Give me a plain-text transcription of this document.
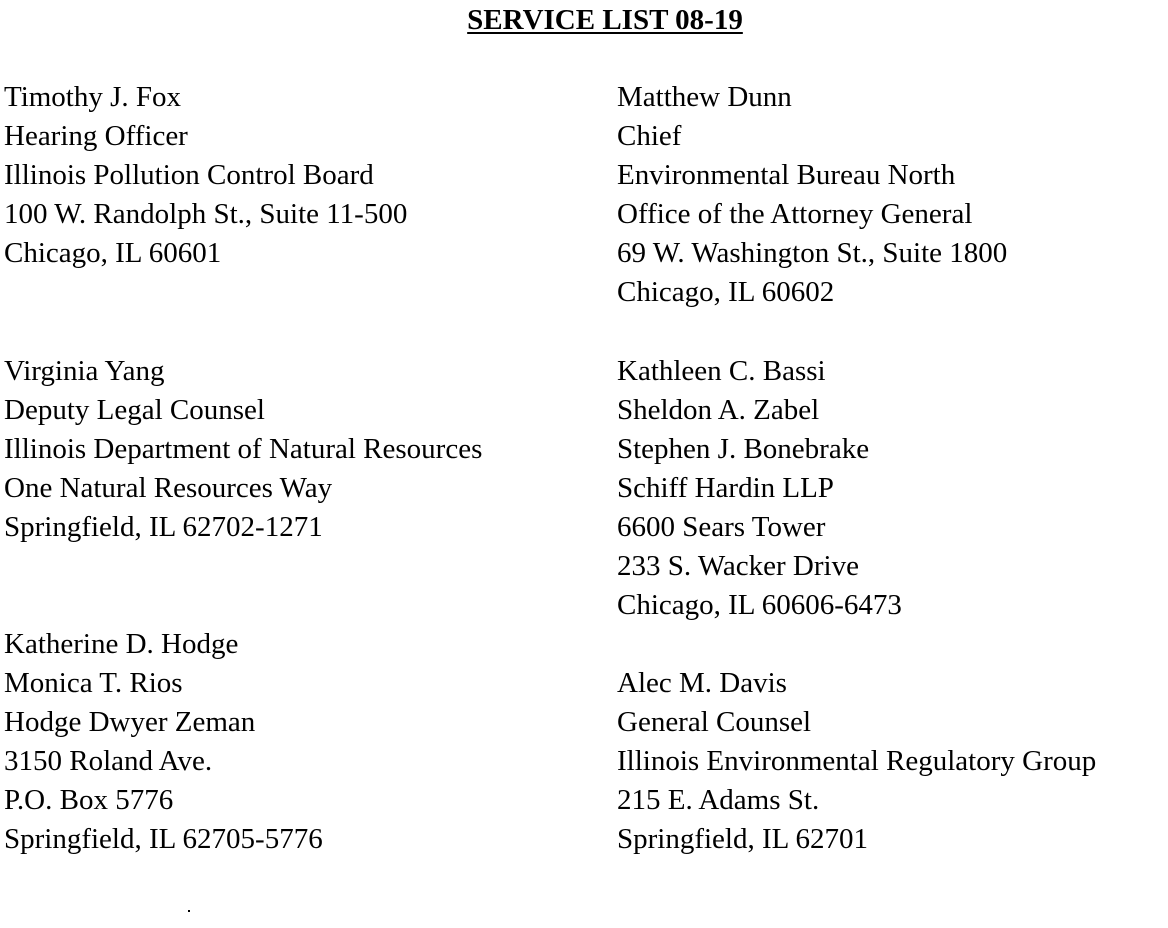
SERVICE LIST 08-19
Timothy J. Fox
Hearing Officer
Illinois Pollution Control Board
100 W. Randolph St., Suite 11-500
Chicago, IL 60601
Virginia Yang
Deputy Legal Counsel
Illinois Department of Natural Resources
One Natural Resources Way
Springfield, IL 62702-1271
Katherine D. Hodge
Monica T. Rios
Hodge Dwyer Zeman
3150 Roland Ave.
P.O. Box 5776
Springfield, IL 62705-5776
Matthew Dunn
Chief
Environmental Bureau North
Office of the Attorney General
69 W. Washington St., Suite 1800
Chicago, IL 60602
Kathleen C. Bassi
Sheldon A. Zabel
Stephen J. Bonebrake
Schiff Hardin LLP
6600 Sears Tower
233 S. Wacker Drive
Chicago, IL 60606-6473
Alec M. Davis
General Counsel
Illinois Environmental Regulatory Group
215 E. Adams St.
Springfield, IL 62701
